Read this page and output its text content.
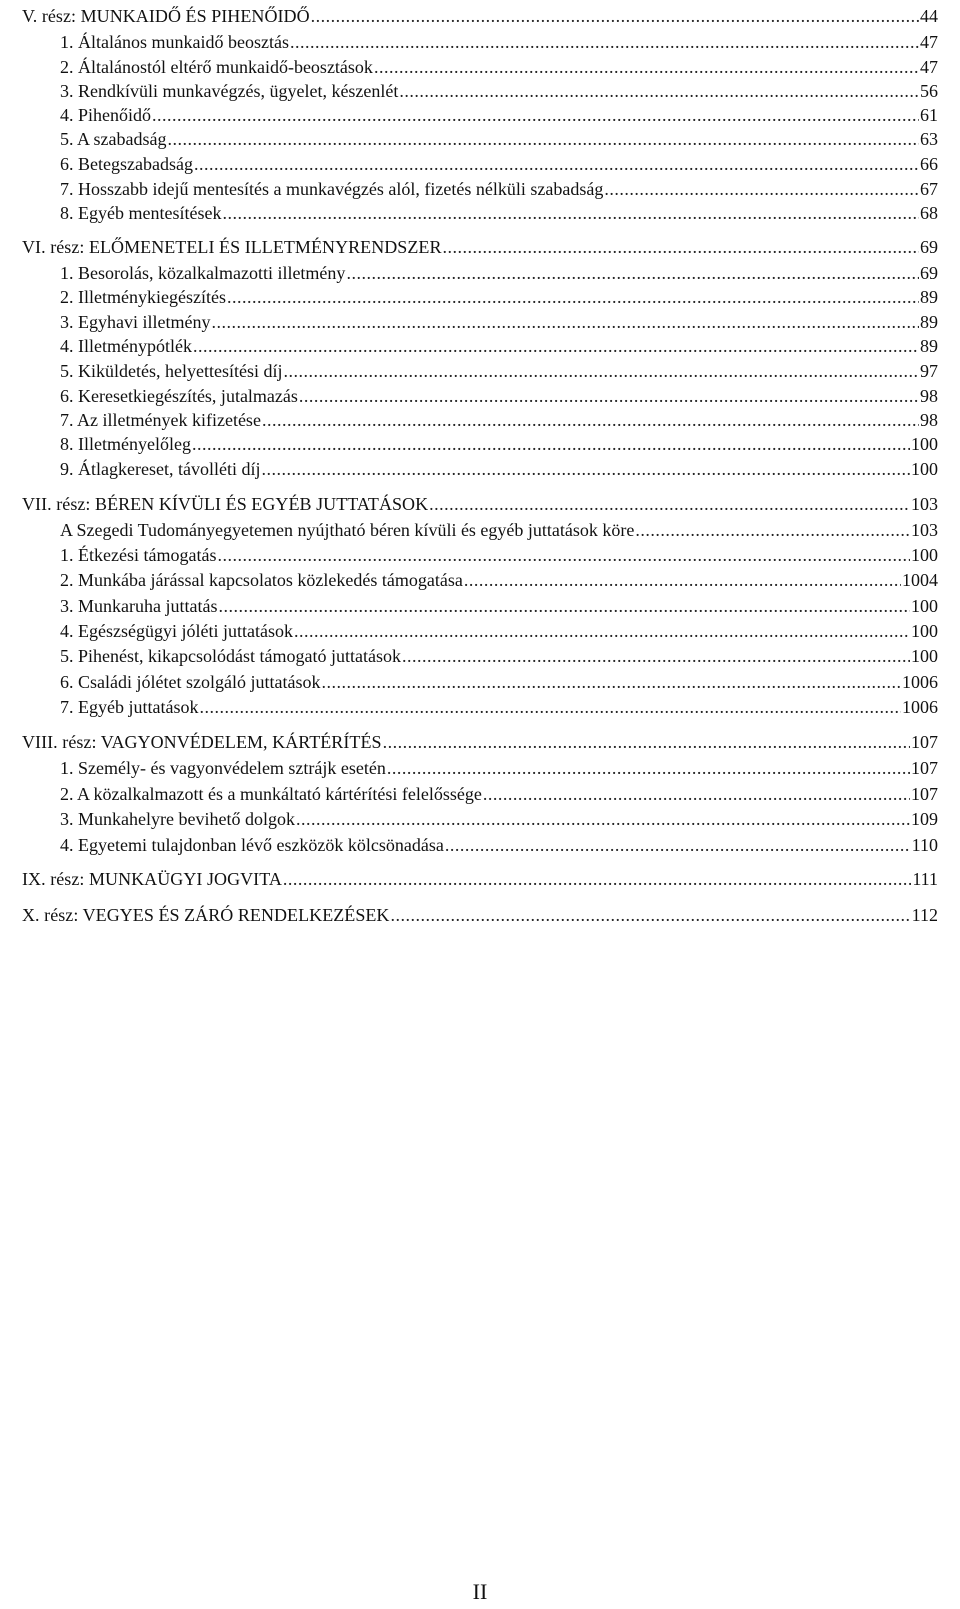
V. rész: MUNKAIDŐ ÉS PIHENŐIDŐ .....	44
1. Általános munkaidő beosztás .....	47
2. Általánostól eltérő munkaidő-beosztások .....	47
3. Rendkívüli munkavégzés, ügyelet, készenlét .....	56
4. Pihenőidő .....	61
5. A szabadság .....	63
6. Betegszabadság .....	66
7. Hosszabb idejű mentesítés a munkavégzés alól, fizetés nélküli szabadság .....	67
8. Egyéb mentesítések .....	68
VI. rész: ELŐMENETELI ÉS ILLETMÉNYRENDSZER .....	69
1. Besorolás, közalkalmazotti illetmény .....	69
2. Illetménykiegészítés .....	89
3. Egyhavi illetmény .....	89
4. Illetménypótlék .....	89
5. Kiküldetés, helyettesítési díj .....	97
6. Keresetkiegészítés, jutalmazás .....	98
7. Az illetmények kifizetése .....	98
8. Illetményelőleg .....	100
9. Átlagkereset, távolléti díj .....	100
VII. rész: BÉREN KÍVÜLI ÉS EGYÉB JUTTATÁSOK .....	103
A Szegedi Tudományegyetemen nyújtható béren kívüli és egyéb juttatások köre .....	103
1. Étkezési támogatás .....	100
2. Munkába járással kapcsolatos közlekedés támogatása .....	1004
3. Munkaruha juttatás .....	100
4. Egészségügyi jóléti juttatások .....	100
5. Pihenést, kikapcsolódást támogató juttatások .....	100
6. Családi jólétet szolgáló juttatások .....	1006
7. Egyéb juttatások .....	1006
VIII. rész: VAGYONVÉDELEM, KÁRTÉRÍTÉS .....	107
1. Személy- és vagyonvédelem sztrájk esetén .....	107
2. A közalkalmazott és a munkáltató kártérítési felelőssége .....	107
3. Munkahelyre bevihető dolgok .....	109
4. Egyetemi tulajdonban lévő eszközök kölcsönadása .....	110
IX. rész: MUNKAÜGYI JOGVITA .....	111
X. rész: VEGYES ÉS ZÁRÓ RENDELKEZÉSEK .....	112
II
